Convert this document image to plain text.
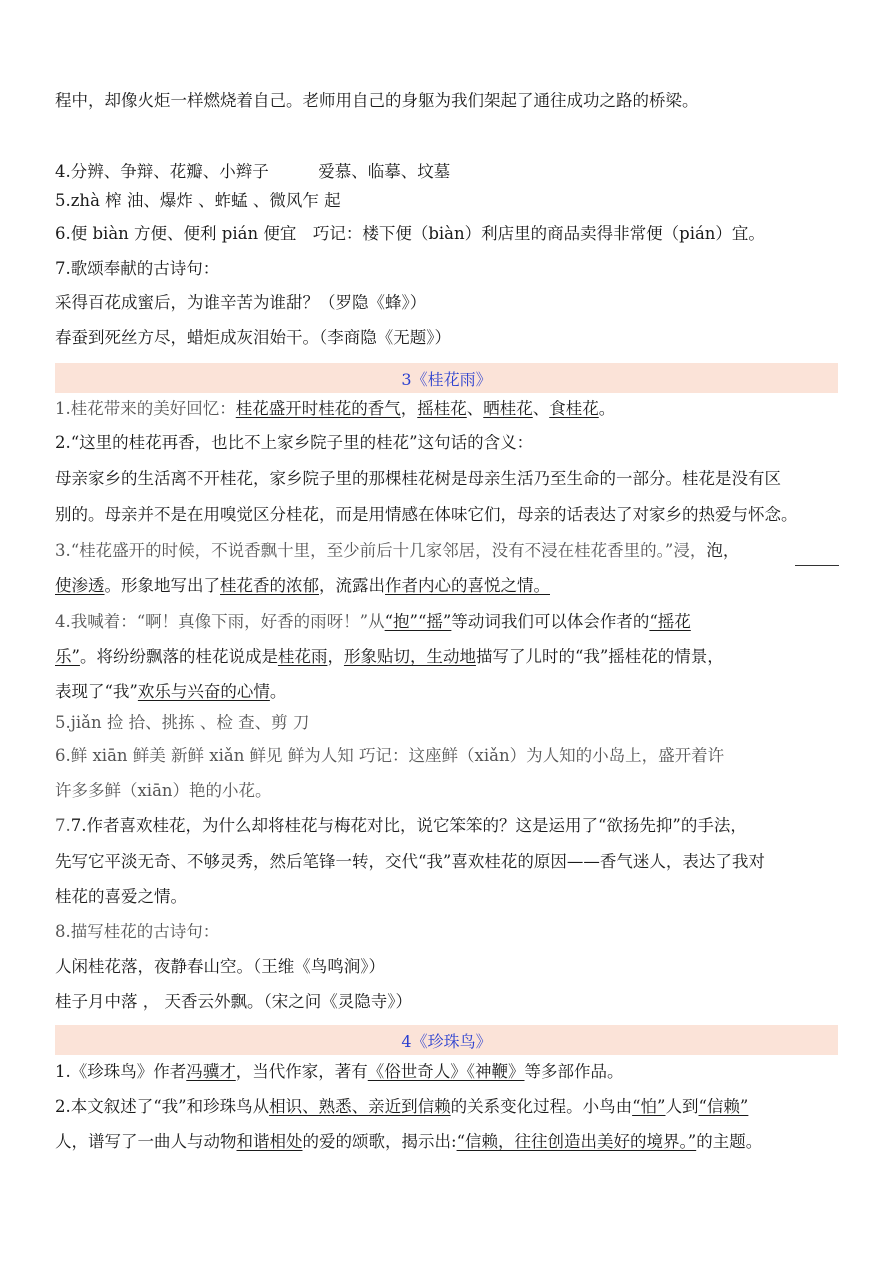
程中，却像火炬一样燃烧着自己。老师用自己的身躯为我们架起了通往成功之路的桥梁。
4.分辨、争辩、花瓣、小辫子　　　爱慕、临摹、坟墓
5.zhà 榨 油、爆炸 、蚱蜢 、微风乍 起
6.便 biàn 方便、便利 pián 便宜　巧记：楼下便（biàn）利店里的商品卖得非常便（pián）宜。
7.歌颂奉献的古诗句：
采得百花成蜜后，为谁辛苦为谁甜？（罗隐《蜂》）
春蚕到死丝方尽，蜡炬成灰泪始干。（李商隐《无题》）
3《桂花雨》
1.桂花带来的美好回忆：桂花盛开时桂花的香气，摇桂花、晒桂花、食桂花。
2.“这里的桂花再香，也比不上家乡院子里的桂花”这句话的含义：
母亲家乡的生活离不开桂花，家乡院子里的那棵桂花树是母亲生活乃至生命的一部分。桂花是没有区
别的。母亲并不是在用嗅觉区分桂花，而是用情感在体味它们，母亲的话表达了对家乡的热爱与怀念。
3.“桂花盛开的时候，不说香飘十里，至少前后十几家邻居，没有不浸在桂花香里的。”浸，泡，
使渗透。形象地写出了桂花香的浓郁，流露出作者内心的喜悦之情。
4.我喊着：“啊！真像下雨，好香的雨呀！”从“抱”“摇”等动词我们可以体会作者的“摇花
乐”。将纷纷飘落的桂花说成是桂花雨，形象贴切，生动地描写了儿时的“我”摇桂花的情景，
表现了“我”欢乐与兴奋的心情。
5.jiǎn 捡 拾、挑拣 、检 查、剪 刀
6.鲜 xiān 鲜美 新鲜 xiǎn 鲜见 鲜为人知 巧记：这座鲜（xiǎn）为人知的小岛上，盛开着许
许多多鲜（xiān）艳的小花。
7.7.作者喜欢桂花，为什么却将桂花与梅花对比，说它笨笨的？这是运用了“欲扬先抑”的手法，
先写它平淡无奇、不够灵秀，然后笔锋一转，交代“我”喜欢桂花的原因——香气迷人，表达了我对
桂花的喜爱之情。
8.描写桂花的古诗句：
人闲桂花落，夜静春山空。（王维《鸟鸣涧》）
桂子月中落 ， 天香云外飘。（宋之问《灵隐寺》）
4《珍珠鸟》
1.《珍珠鸟》作者冯骥才，当代作家，著有《俗世奇人》《神鞭》等多部作品。
2.本文叙述了“我”和珍珠鸟从相识、熟悉、亲近到信赖的关系变化过程。小鸟由“怕”人到“信赖”
人，谱写了一曲人与动物和谐相处的爱的颂歌，揭示出:“信赖，往往创造出美好的境界。”的主题。
